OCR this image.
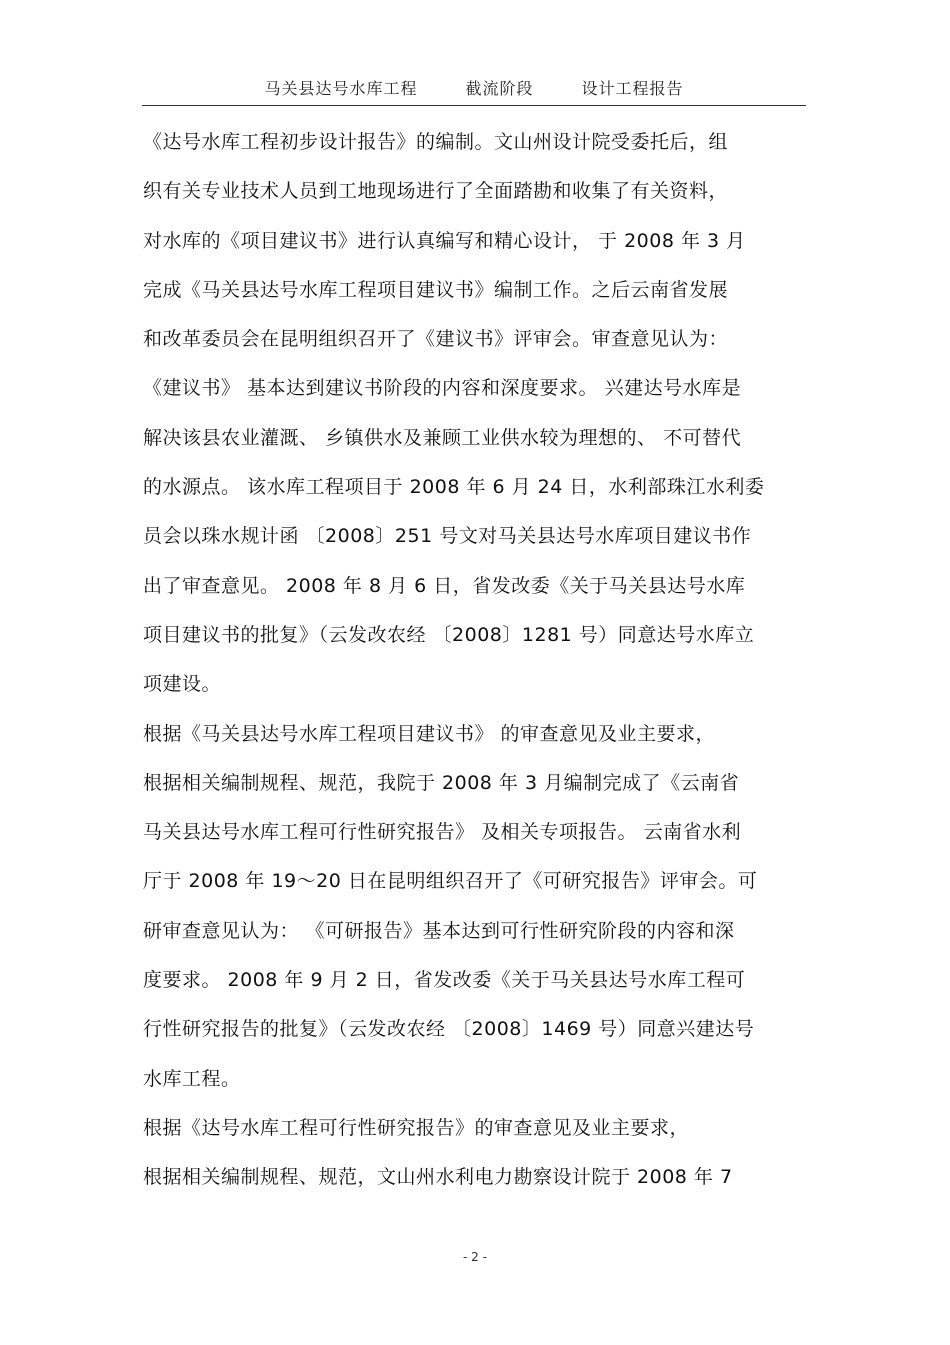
马关县达号水库工程	截流阶段	设计工程报告
《达号水库工程初步设计报告》的编制。文山州设计院受委托后，组
织有关专业技术人员到工地现场进行了全面踏勘和收集了有关资料，
对水库的《项目建议书》进行认真编写和精心设计， 于 2008 年 3 月
完成《马关县达号水库工程项目建议书》编制工作。之后云南省发展
和改革委员会在昆明组织召开了《建议书》评审会。审查意见认为：
《建议书》 基本达到建议书阶段的内容和深度要求。 兴建达号水库是
解决该县农业灌溉、 乡镇供水及兼顾工业供水较为理想的、 不可替代
的水源点。 该水库工程项目于 2008 年 6 月 24 日，水利部珠江水利委
员会以珠水规计函 〔2008〕251 号文对马关县达号水库项目建议书作
出了审查意见。 2008 年 8 月 6 日，省发改委《关于马关县达号水库
项目建议书的批复》（云发改农经 〔2008〕1281 号）同意达号水库立
项建设。
根据《马关县达号水库工程项目建议书》 的审查意见及业主要求，
根据相关编制规程、规范，我院于 2008 年 3 月编制完成了《云南省
马关县达号水库工程可行性研究报告》 及相关专项报告。 云南省水利
厅于 2008 年 19～20 日在昆明组织召开了《可研究报告》评审会。可
研审查意见认为： 《可研报告》基本达到可行性研究阶段的内容和深
度要求。 2008 年 9 月 2 日，省发改委《关于马关县达号水库工程可
行性研究报告的批复》（云发改农经 〔2008〕1469 号）同意兴建达号
水库工程。
根据《达号水库工程可行性研究报告》的审查意见及业主要求，
根据相关编制规程、规范，文山州水利电力勘察设计院于 2008 年 7
- 2 -
